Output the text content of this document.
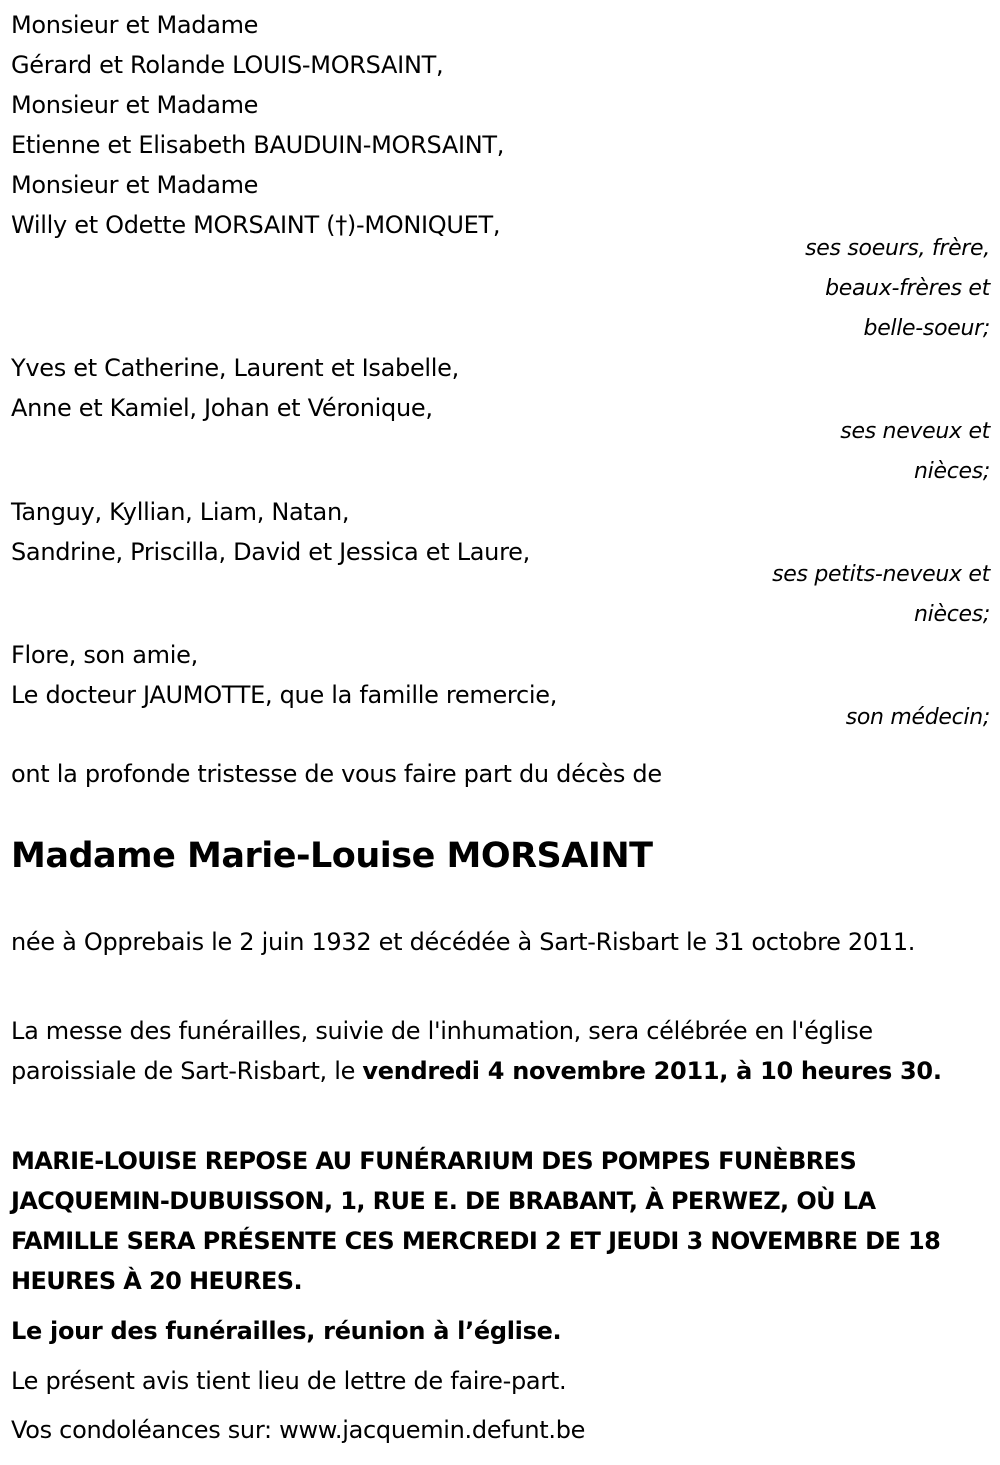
Monsieur et Madame
Gérard et Rolande LOUIS-MORSAINT,
Monsieur et Madame
Etienne et Elisabeth BAUDUIN-MORSAINT,
Monsieur et Madame
Willy et Odette MORSAINT (†)-MONIQUET,
ses soeurs, frère,
beaux-frères et
belle-soeur;
Yves et Catherine, Laurent et Isabelle,
Anne et Kamiel, Johan et Véronique,
ses neveux et
nièces;
Tanguy, Kyllian, Liam, Natan,
Sandrine, Priscilla, David et Jessica et Laure,
ses petits-neveux et
nièces;
Flore, son amie,
Le docteur JAUMOTTE, que la famille remercie,
son médecin;
ont la profonde tristesse de vous faire part du décès de
Madame Marie-Louise MORSAINT
née à Opprebais le 2 juin 1932 et décédée à Sart-Risbart le 31 octobre 2011.
La messe des funérailles, suivie de l'inhumation, sera célébrée en l'église paroissiale de Sart-Risbart, le vendredi 4 novembre 2011, à 10 heures 30.
MARIE-LOUISE REPOSE AU FUNÉRARIUM DES POMPES FUNÈBRES JACQUEMIN-DUBUISSON, 1, RUE E. DE BRABANT, À PERWEZ, OÙ LA FAMILLE SERA PRÉSENTE CES MERCREDI 2 ET JEUDI 3 NOVEMBRE DE 18 HEURES À 20 HEURES.
Le jour des funérailles, réunion à l’église.
Le présent avis tient lieu de lettre de faire-part.
Vos condoléances sur: www.jacquemin.defunt.be
